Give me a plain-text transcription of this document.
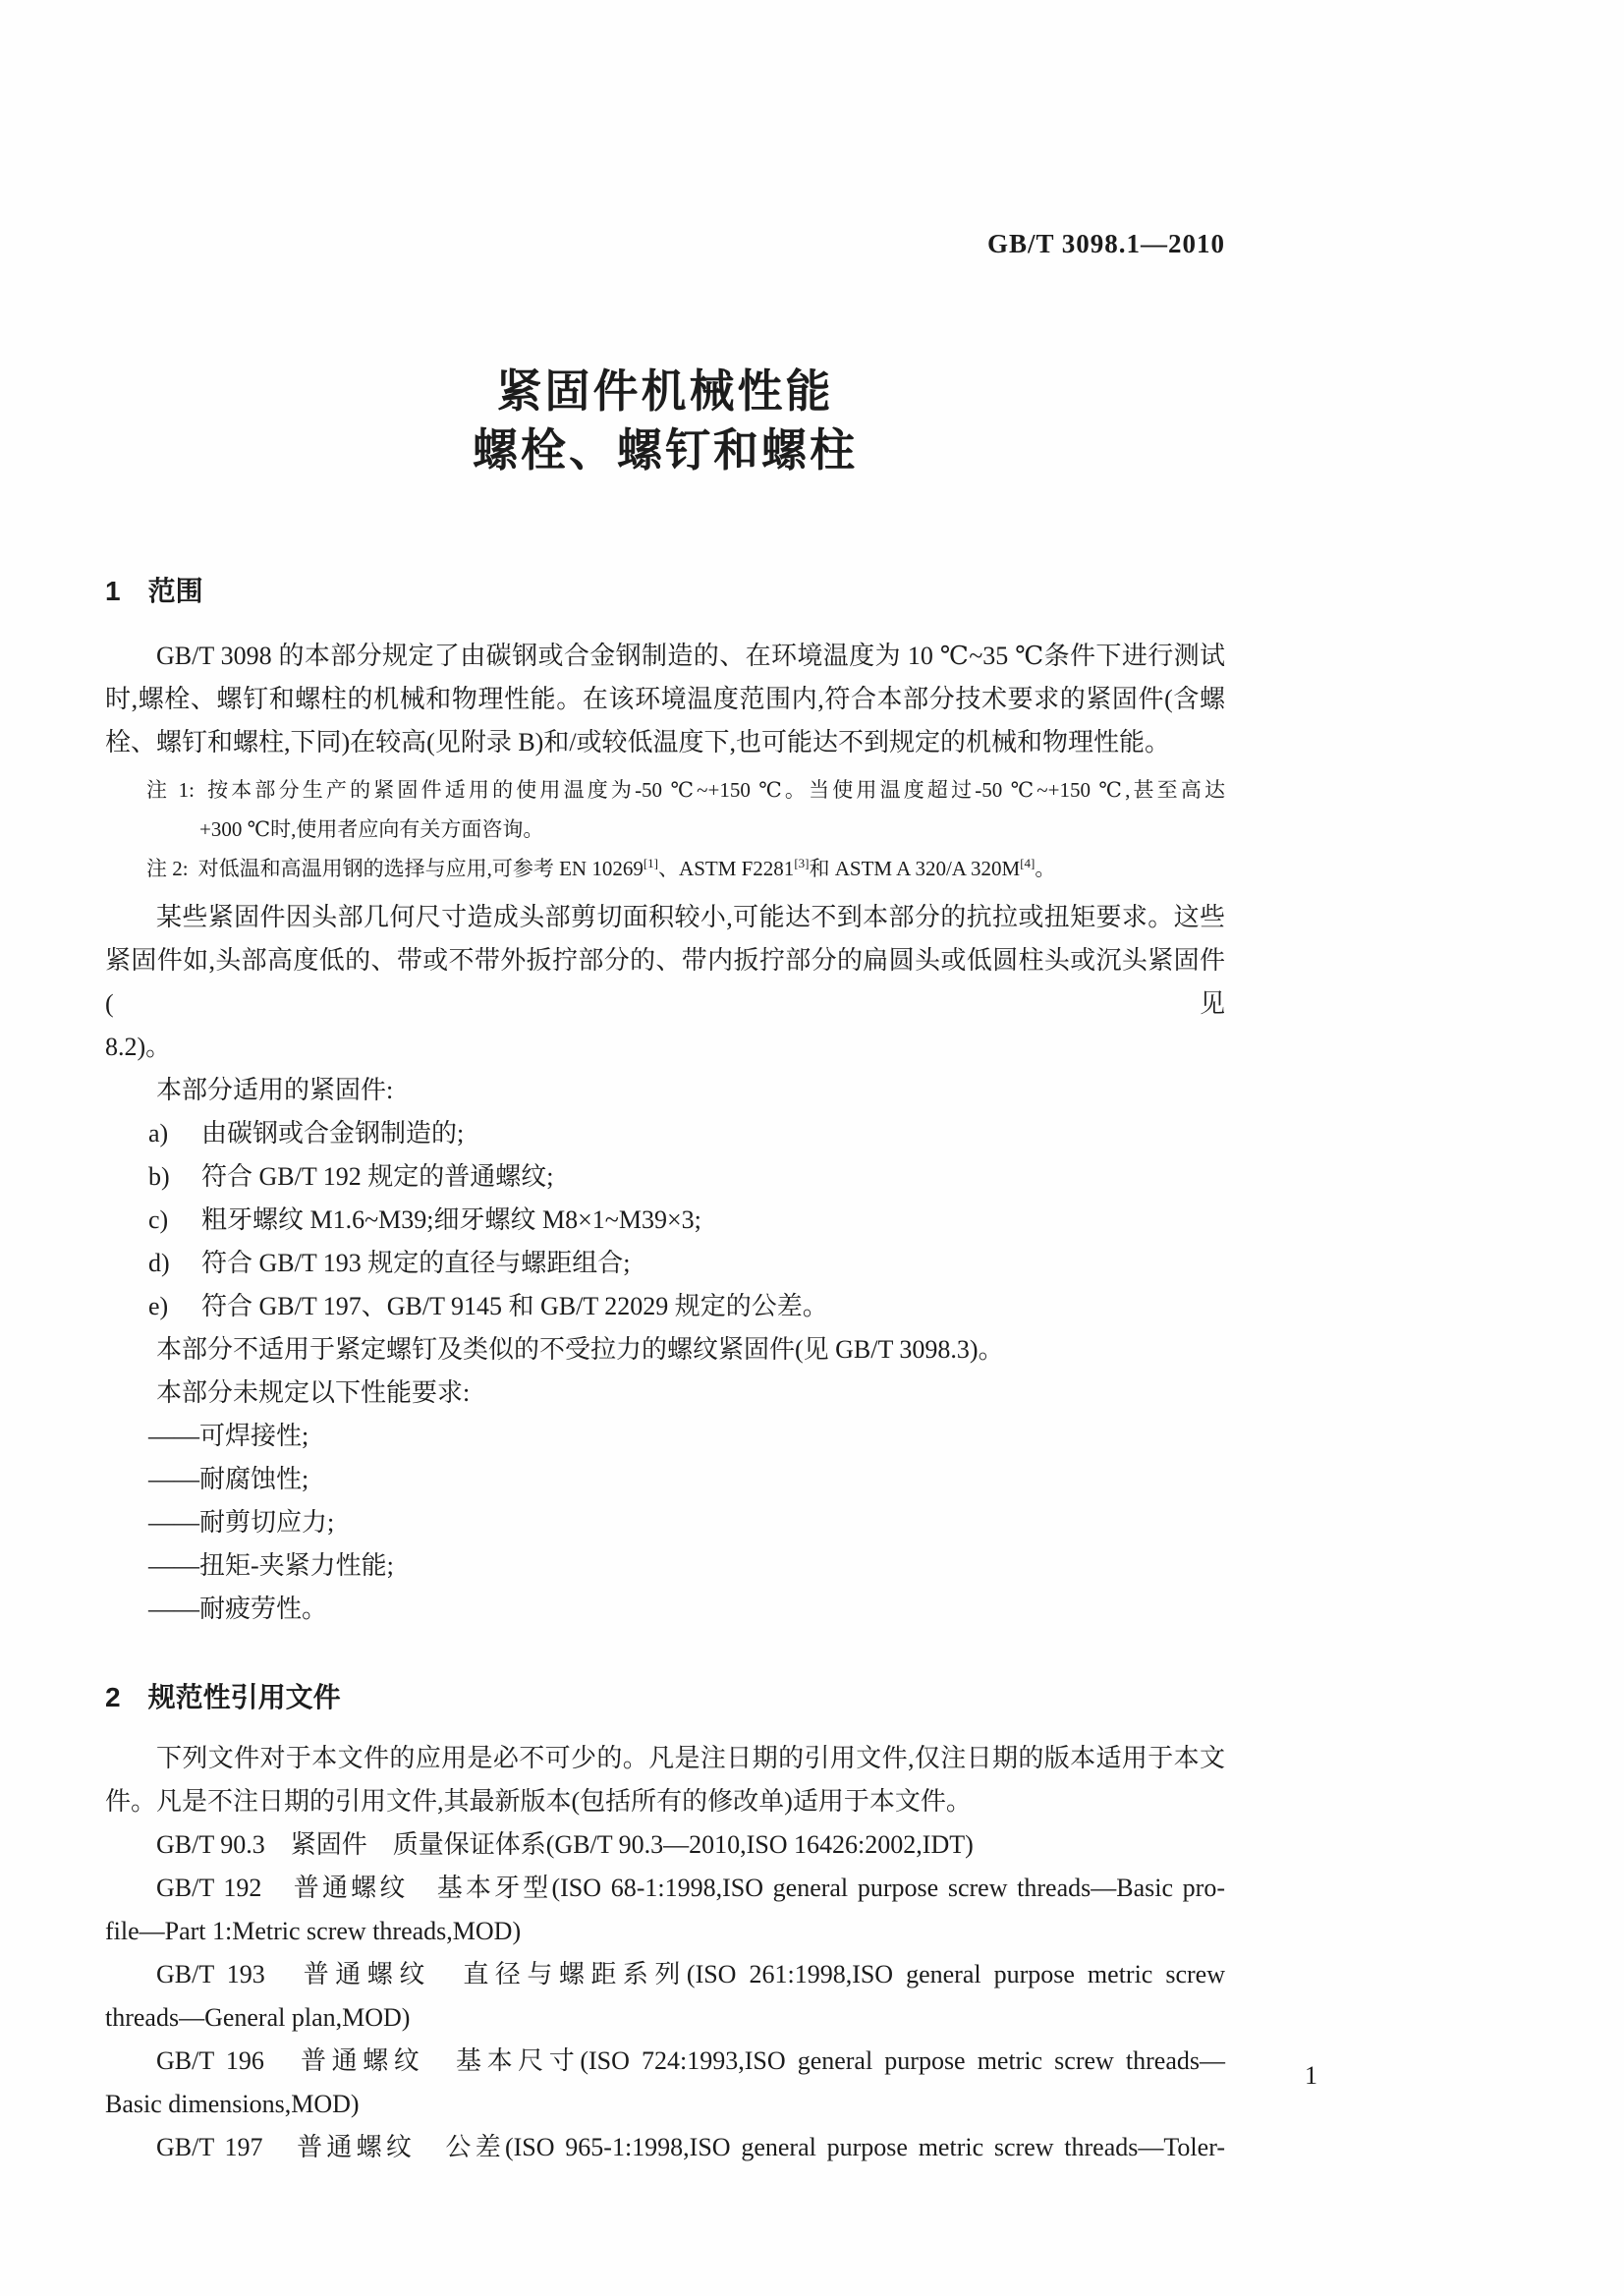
GB/T 3098.1—2010
紧固件机械性能
螺栓、螺钉和螺柱
1 范围

GB/T 3098 的本部分规定了由碳钢或合金钢制造的、在环境温度为 10 ℃~35 ℃条件下进行测试

时,螺栓、螺钉和螺柱的机械和物理性能。在该环境温度范围内,符合本部分技术要求的紧固件(含螺

栓、螺钉和螺柱,下同)在较高(见附录 B)和/或较低温度下,也可能达不到规定的机械和物理性能。

注 1: 按本部分生产的紧固件适用的使用温度为-50 ℃~+150 ℃。当使用温度超过-50 ℃~+150 ℃,甚至高达

+300 ℃时,使用者应向有关方面咨询。

注 2: 对低温和高温用钢的选择与应用,可参考 EN 10269[1]、ASTM F2281[3]和 ASTM A 320/A 320M[4]。

某些紧固件因头部几何尺寸造成头部剪切面积较小,可能达不到本部分的抗拉或扭矩要求。这些

紧固件如,头部高度低的、带或不带外扳拧部分的、带内扳拧部分的扁圆头或低圆柱头或沉头紧固件(见

8.2)。

本部分适用的紧固件:

a) 由碳钢或合金钢制造的;
b) 符合 GB/T 192 规定的普通螺纹;
c) 粗牙螺纹 M1.6~M39;细牙螺纹 M8×1~M39×3;
d) 符合 GB/T 193 规定的直径与螺距组合;
e) 符合 GB/T 197、GB/T 9145 和 GB/T 22029 规定的公差。

本部分不适用于紧定螺钉及类似的不受拉力的螺纹紧固件(见 GB/T 3098.3)。

本部分未规定以下性能要求:

——可焊接性;

——耐腐蚀性;

——耐剪切应力;

——扭矩-夹紧力性能;

——耐疲劳性。

2 规范性引用文件

下列文件对于本文件的应用是必不可少的。凡是注日期的引用文件,仅注日期的版本适用于本文

件。凡是不注日期的引用文件,其最新版本(包括所有的修改单)适用于本文件。

GB/T 90.3　紧固件　质量保证体系(GB/T 90.3—2010,ISO 16426:2002,IDT)

GB/T 192　普通螺纹　基本牙型(ISO 68-1:1998,ISO general purpose screw threads—Basic pro-

file—Part 1:Metric screw threads,MOD)

GB/T 193　普通螺纹　直径与螺距系列(ISO 261:1998,ISO general purpose metric screw

threads—General plan,MOD)

GB/T 196　普通螺纹　基本尺寸(ISO 724:1993,ISO general purpose metric screw threads—

Basic dimensions,MOD)

GB/T 197　普通螺纹　公差(ISO 965-1:1998,ISO general purpose metric screw threads—Toler-

1
